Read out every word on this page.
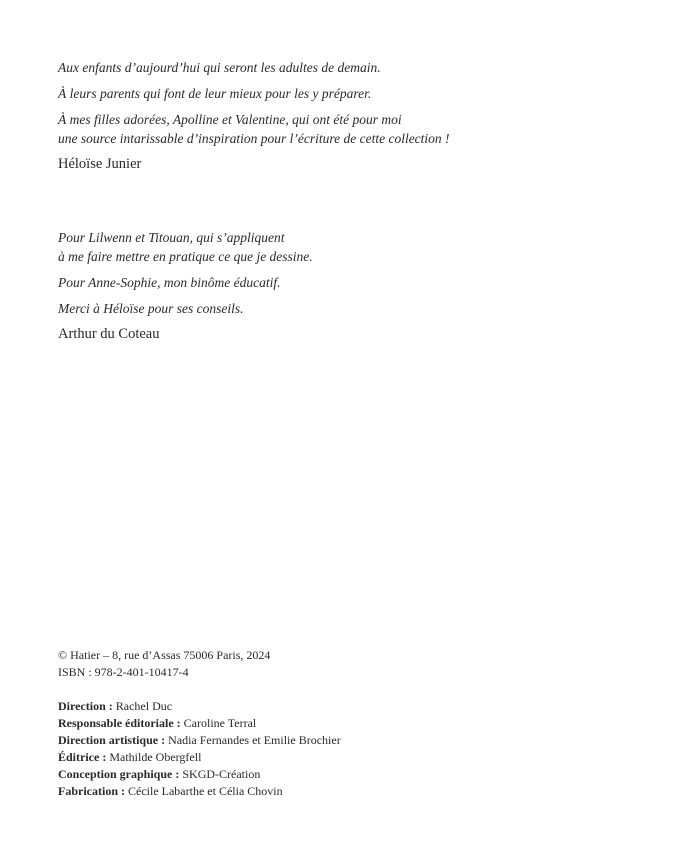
Aux enfants d’aujourd’hui qui seront les adultes de demain.

À leurs parents qui font de leur mieux pour les y préparer.

À mes filles adorées, Apolline et Valentine, qui ont été pour moi

une source intarissable d’inspiration pour l’écriture de cette collection !

Héloïse Junier

Pour Lilwenn et Titouan, qui s’appliquent

à me faire mettre en pratique ce que je dessine.

Pour Anne-Sophie, mon binôme éducatif.

Merci à Héloïse pour ses conseils.

Arthur du Coteau

© Hatier – 8, rue d’Assas 75006 Paris, 2024

ISBN : 978-2-401-10417-4

Direction : Rachel Duc

Responsable éditoriale : Caroline Terral

Direction artistique : Nadia Fernandes et Emilie Brochier

Éditrice : Mathilde Obergfell

Conception graphique : SKGD-Création

Fabrication : Cécile Labarthe et Célia Chovin
